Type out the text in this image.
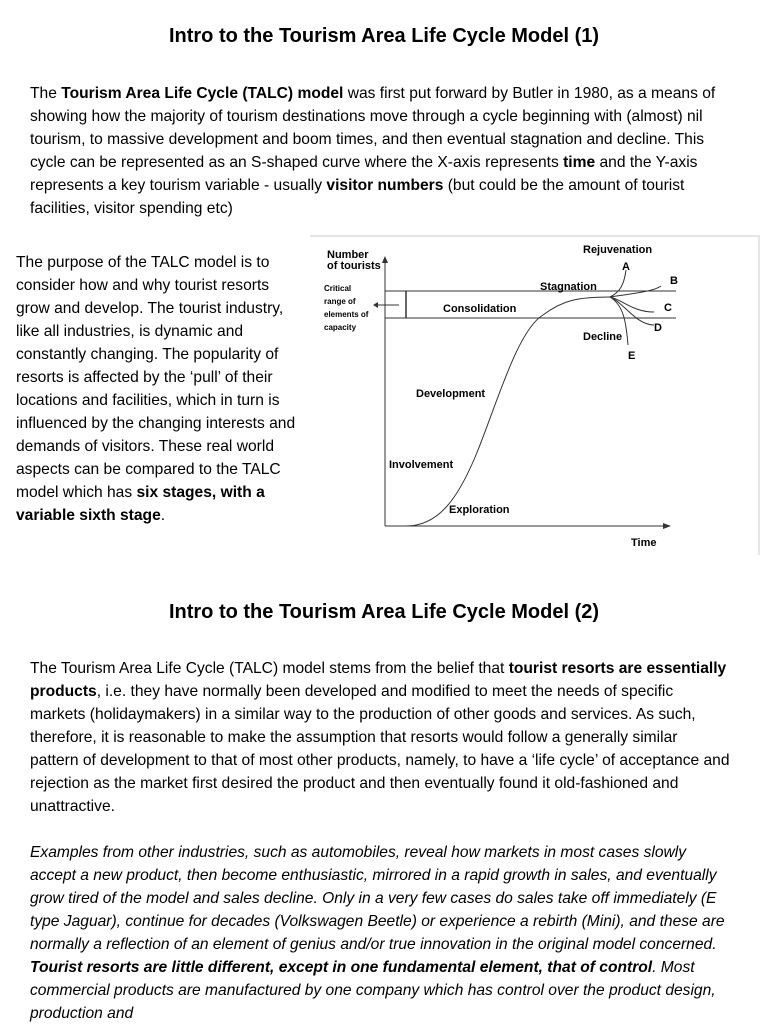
Intro to the Tourism Area Life Cycle Model (1)
The Tourism Area Life Cycle (TALC) model was first put forward by Butler in 1980, as a means of showing how the majority of tourism destinations move through a cycle beginning with (almost) nil tourism, to massive development and boom times, and then eventual stagnation and decline. This cycle can be represented as an S-shaped curve where the X-axis represents time and the Y-axis represents a key tourism variable - usually visitor numbers (but could be the amount of tourist facilities, visitor spending etc)
The purpose of the TALC model is to consider how and why tourist resorts grow and develop. The tourist industry, like all industries, is dynamic and constantly changing. The popularity of resorts is affected by the ‘pull’ of their locations and facilities, which in turn is influenced by the changing interests and demands of visitors. These real world aspects can be compared to the TALC model which has six stages, with a variable sixth stage.
Number
of tourists
Time
Consolidation
Stagnation
Rejuvenation
Decline
Development
Involvement
Exploration
A
B
C
D
E
Critical
range of
elements of
capacity
Intro to the Tourism Area Life Cycle Model (2)
The Tourism Area Life Cycle (TALC) model stems from the belief that tourist resorts are essentially products, i.e. they have normally been developed and modified to meet the needs of specific markets (holidaymakers) in a similar way to the production of other goods and services. As such, therefore, it is reasonable to make the assumption that resorts would follow a generally similar pattern of development to that of most other products, namely, to have a ‘life cycle’ of acceptance and rejection as the market first desired the product and then eventually found it old-fashioned and unattractive.
Examples from other industries, such as automobiles, reveal how markets in most cases slowly accept a new product, then become enthusiastic, mirrored in a rapid growth in sales, and eventually grow tired of the model and sales decline. Only in a very few cases do sales take off immediately (E type Jaguar), continue for decades (Volkswagen Beetle) or experience a rebirth (Mini), and these are normally a reflection of an element of genius and/or true innovation in the original model concerned. Tourist resorts are little different, except in one fundamental element, that of control. Most commercial products are manufactured by one company which has control over the product design, production and
